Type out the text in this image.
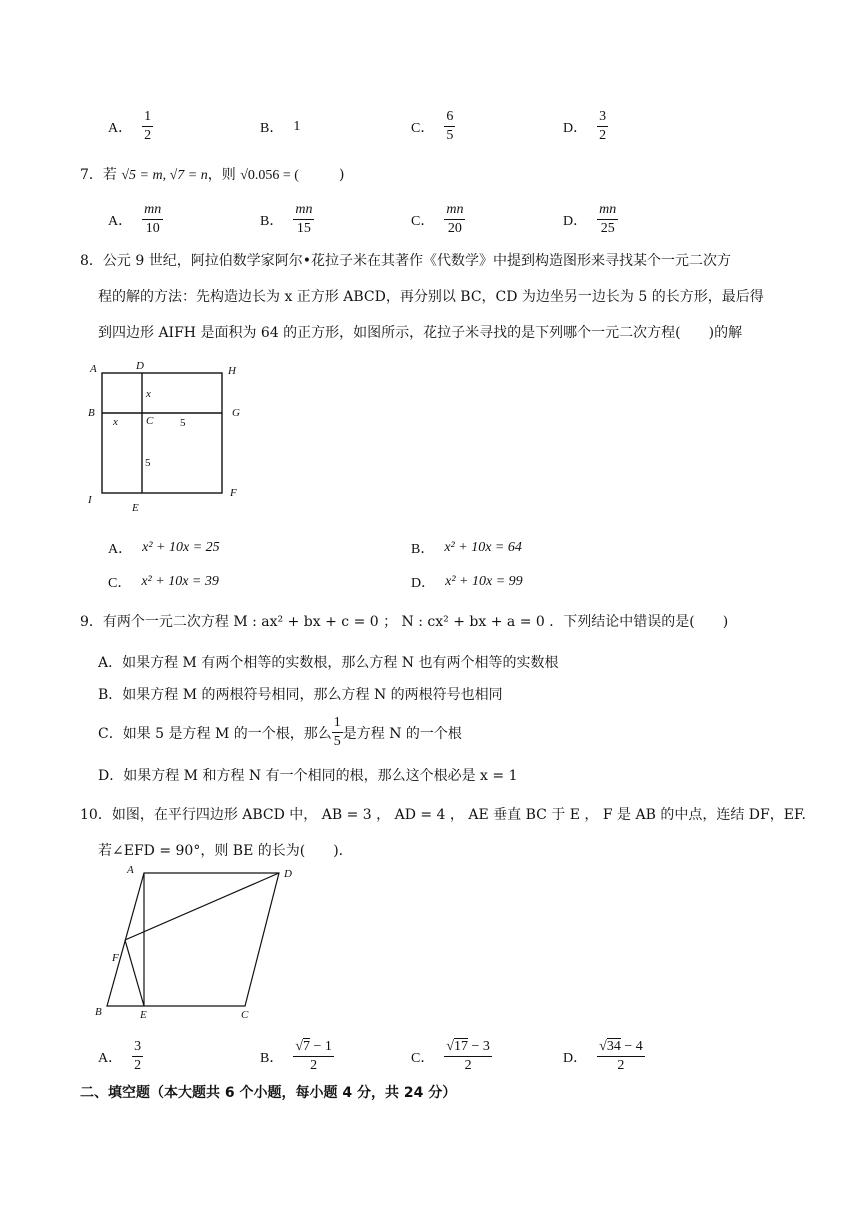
A． $\frac{1}{2}$	B． 1	C． $\frac{6}{5}$	D． $\frac{3}{2}$
7．若 √5 = m, √7 = n，则 √0.056 = (	)
A． $\frac{mn}{10}$	B． $\frac{mn}{15}$	C． $\frac{mn}{20}$	D． $\frac{mn}{25}$
8．公元 9 世纪，阿拉伯数学家阿尔•花拉子米在其著作《代数学》中提到构造图形来寻找某个一元二次方
程的解的方法：先构造边长为 x 正方形 ABCD，再分别以 BC，CD 为边坐另一边长为 5 的长方形，最后得
到四边形 AIFH 是面积为 64 的正方形，如图所示，花拉子米寻找的是下列哪个一元二次方程(　　)的解
A	D	H
B
C
G
I
E
F
x
x	5
5
A． x² + 10x = 25	B． x² + 10x = 64
C． x² + 10x = 39	D． x² + 10x = 99
9．有两个一元二次方程 M : ax² + bx + c = 0 ； N : cx² + bx + a = 0 ．下列结论中错误的是(　　)
A．如果方程 M 有两个相等的实数根，那么方程 N 也有两个相等的实数根
B．如果方程 M 的两根符号相同，那么方程 N 的两根符号也相同
C．如果 5 是方程 M 的一个根，那么 $\frac{1}{5}$ 是方程 N 的一个根
D．如果方程 M 和方程 N 有一个相同的根，那么这个根必是 x = 1
10．如图，在平行四边形 ABCD 中， AB = 3 ， AD = 4 ， AE 垂直 BC 于 E ， F 是 AB 的中点，连结 DF，EF.
若∠EFD = 90°，则 BE 的长为(　　)．
A	D
F
B	E	C
A． $\frac{3}{2}$	B． $\frac{√7 - 1}{2}$	C． $\frac{√17 - 3}{2}$	D． $\frac{√34 - 4}{2}$
二、填空题（本大题共 6 个小题，每小题 4 分，共 24 分）
